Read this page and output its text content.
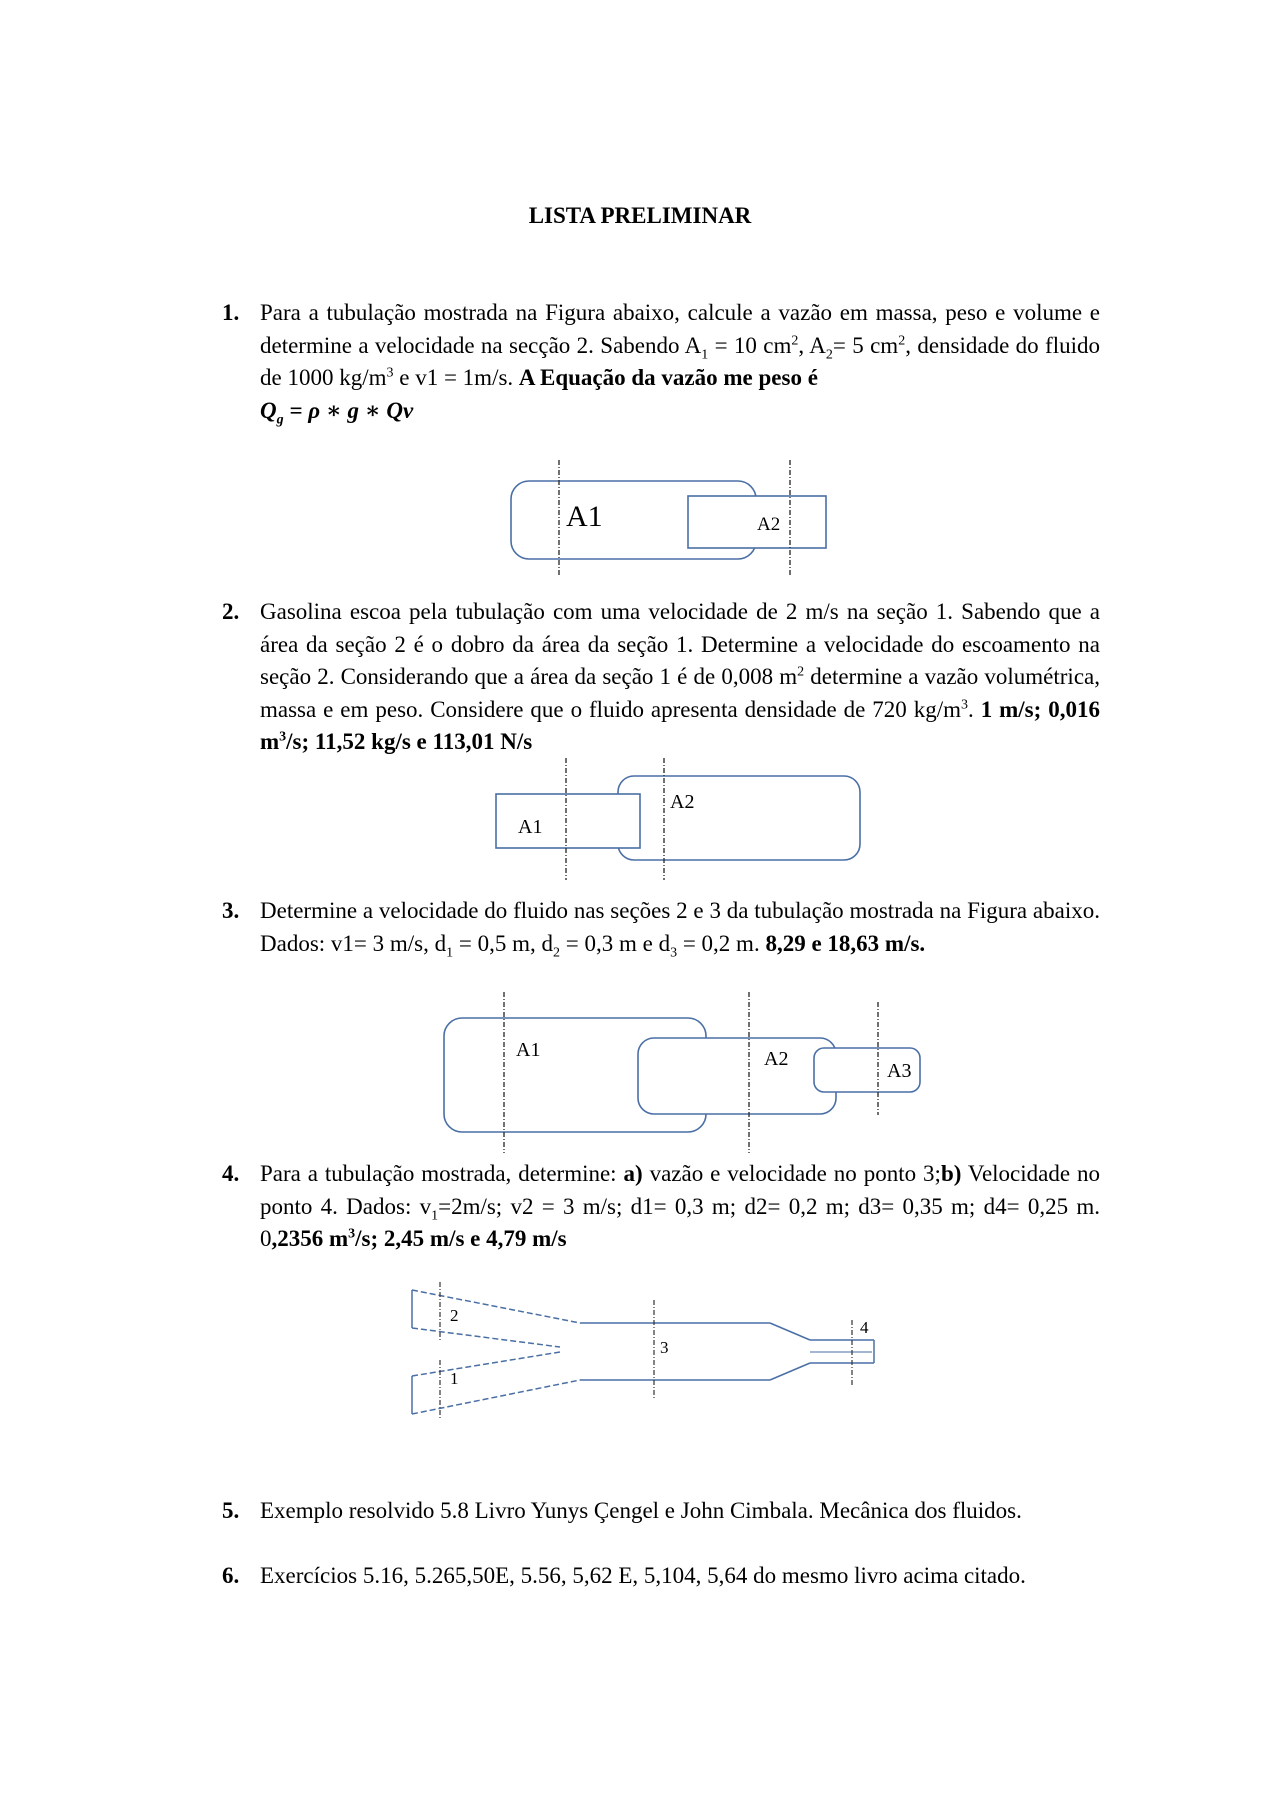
LISTA PRELIMINAR
1. Para a tubulação mostrada na Figura abaixo, calcule a vazão em massa, peso e volume e determine a velocidade na secção 2. Sabendo $A_1 = 10$ $cm^2$, $A_2= 5$ $cm^2$, densidade do fluido de 1000 $kg/m^3$ e v1 = 1m/s. A Equação da vazão me peso é
$Q_g = \rho$ ∗ g ∗ Qv
A1	A2
2. Gasolina escoa pela tubulação com uma velocidade de 2 m/s na seção 1. Sabendo que a área da seção 2 é o dobro da área da seção 1. Determine a velocidade do escoamento na seção 2. Considerando que a área da seção 1 é de 0,008 $m^2$ determine a vazão volumétrica, massa e em peso. Considere que o fluido apresenta densidade de 720 $kg/m^3$. 1 m/s; 0,016 $m^3/s$; 11,52 kg/s e 113,01 N/s
A1
A2
3. Determine a velocidade do fluido nas seções 2 e 3 da tubulação mostrada na Figura abaixo. Dados: v1= 3 m/s, $d_1 = 0,5$ m, $d_2 = 0,3$ m e $d_3 = 0,2$ m. 8,29 e 18,63 m/s.
A1	A2
A3
4. Para a tubulação mostrada, determine: a) vazão e velocidade no ponto 3;b) Velocidade no ponto 4. Dados: $v_1=2m/s$; v2 = 3 m/s; d1= 0,3 m; d2= 0,2 m; d3= 0,35 m; d4= 0,25 m. 0,2356 $m^3/s$; 2,45 m/s e 4,79 m/s
2
1
3
4
5. Exemplo resolvido 5.8 Livro Yunys Çengel e John Cimbala. Mecânica dos fluidos.
6. Exercícios 5.16, 5.265,50E, 5.56, 5,62 E, 5,104, 5,64 do mesmo livro acima citado.
